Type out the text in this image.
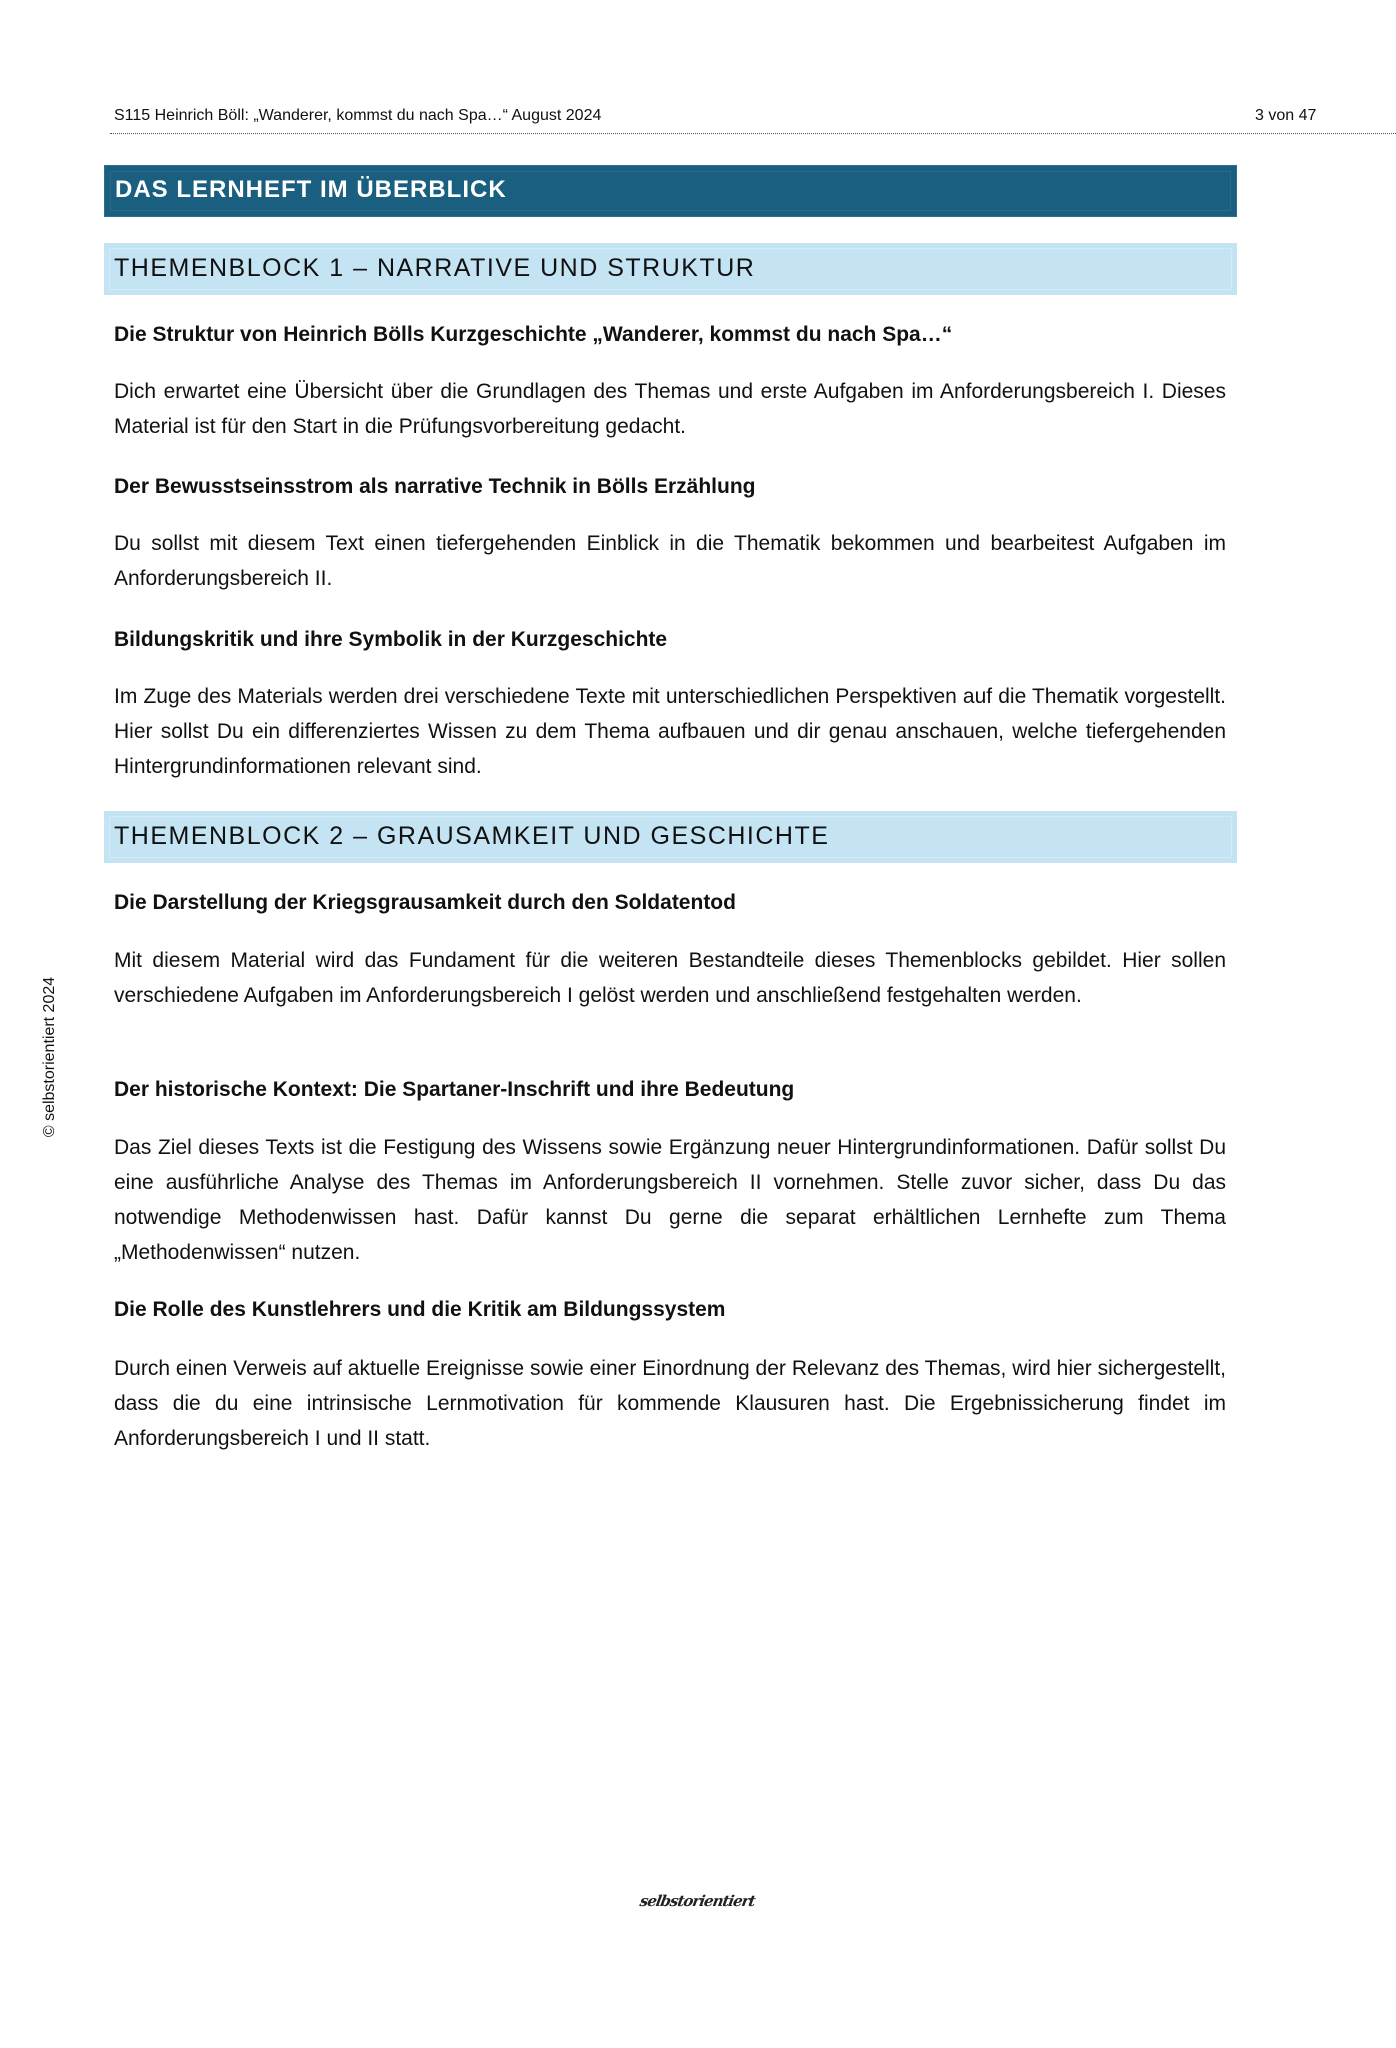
S115 Heinrich Böll: „Wanderer, kommst du nach Spa…“ August 2024	3 von 47
DAS LERNHEFT IM ÜBERBLICK
THEMENBLOCK 1 – NARRATIVE UND STRUKTUR
Die Struktur von Heinrich Bölls Kurzgeschichte „Wanderer, kommst du nach Spa…“

Dich erwartet eine Übersicht über die Grundlagen des Themas und erste Aufgaben im Anforderungsbereich I. Dieses Material ist für den Start in die Prüfungsvorbereitung gedacht.

Der Bewusstseinsstrom als narrative Technik in Bölls Erzählung

Du sollst mit diesem Text einen tiefergehenden Einblick in die Thematik bekommen und bearbeitest Aufgaben im Anforderungsbereich II.

Bildungskritik und ihre Symbolik in der Kurzgeschichte

Im Zuge des Materials werden drei verschiedene Texte mit unterschiedlichen Perspektiven auf die Thematik vorgestellt. Hier sollst Du ein differenziertes Wissen zu dem Thema aufbauen und dir genau anschauen, welche tiefergehenden Hintergrundinformationen relevant sind.

THEMENBLOCK 2 – GRAUSAMKEIT UND GESCHICHTE
Die Darstellung der Kriegsgrausamkeit durch den Soldatentod

Mit diesem Material wird das Fundament für die weiteren Bestandteile dieses Themenblocks gebildet. Hier sollen verschiedene Aufgaben im Anforderungsbereich I gelöst werden und anschließend festgehalten werden.

Der historische Kontext: Die Spartaner-Inschrift und ihre Bedeutung

Das Ziel dieses Texts ist die Festigung des Wissens sowie Ergänzung neuer Hintergrundinformationen. Dafür sollst Du eine ausführliche Analyse des Themas im Anforderungsbereich II vornehmen. Stelle zuvor sicher, dass Du das notwendige Methodenwissen hast. Dafür kannst Du gerne die separat erhältlichen Lernhefte zum Thema „Methodenwissen“ nutzen.

Die Rolle des Kunstlehrers und die Kritik am Bildungssystem

Durch einen Verweis auf aktuelle Ereignisse sowie einer Einordnung der Relevanz des Themas, wird hier sichergestellt, dass die du eine intrinsische Lernmotivation für kommende Klausuren hast. Die Ergebnissicherung findet im Anforderungsbereich I und II statt.

© selbstorientiert 2024
selbstorientiert
